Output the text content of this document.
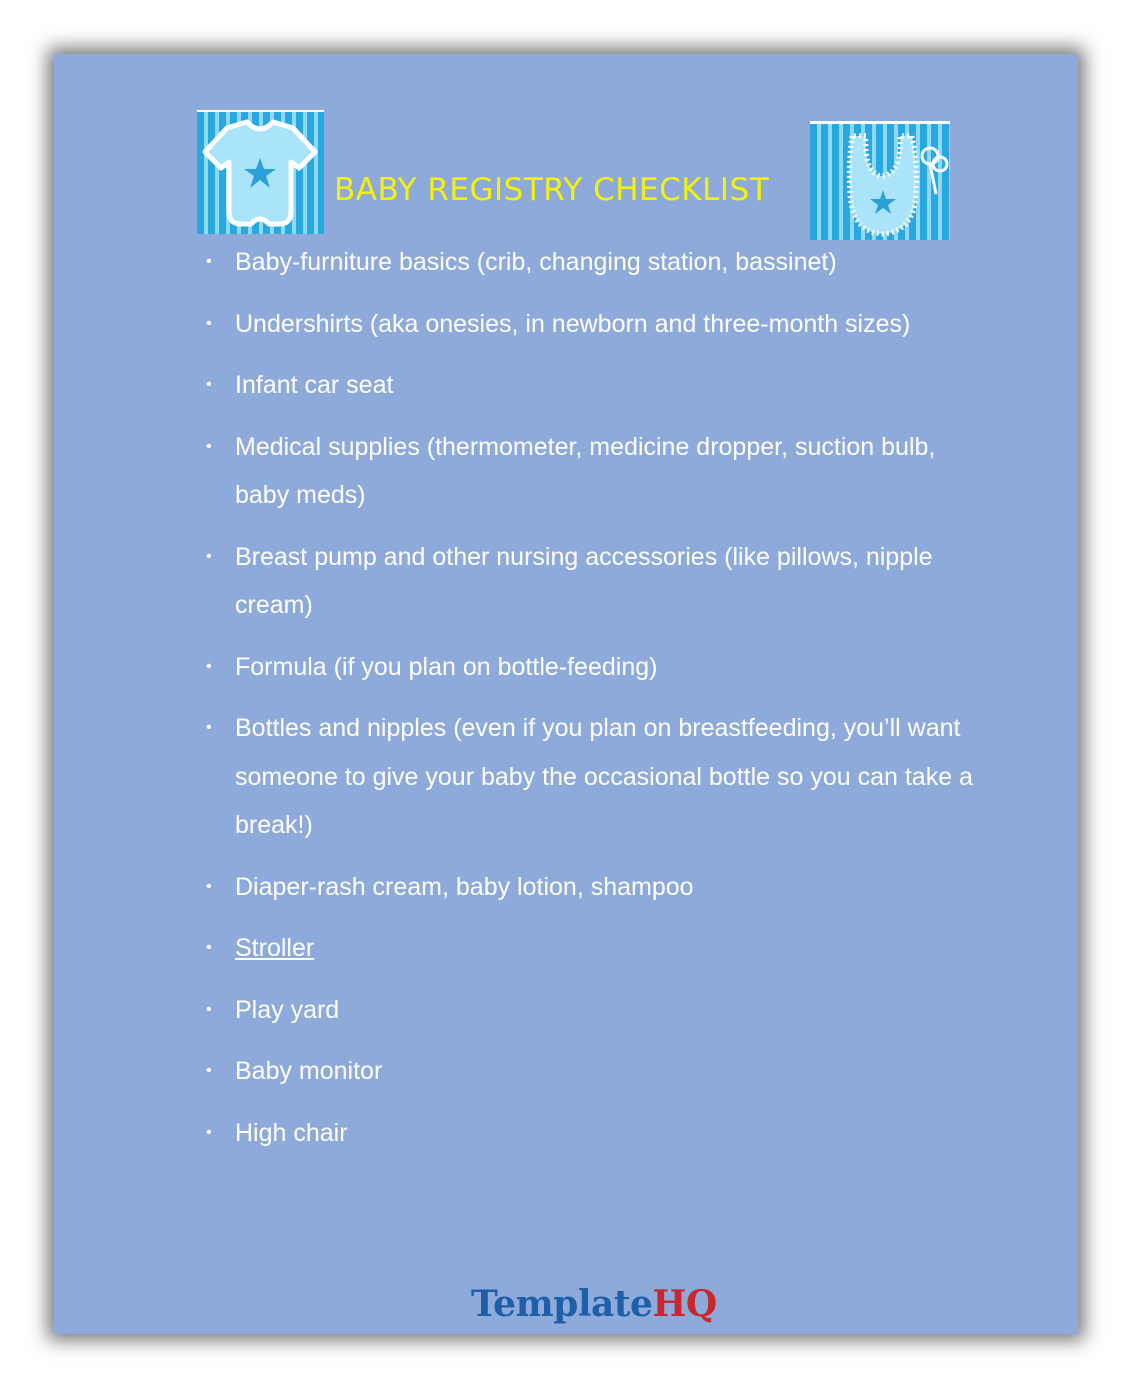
BABY REGISTRY CHECKLIST
• Baby-furniture basics (crib, changing station, bassinet)
• Undershirts (aka onesies, in newborn and three-month sizes)
• Infant car seat
• Medical supplies (thermometer, medicine dropper, suction bulb, baby meds)
• Breast pump and other nursing accessories (like pillows, nipple cream)
• Formula (if you plan on bottle-feeding)
• Bottles and nipples (even if you plan on breastfeeding, you’ll want someone to give your baby the occasional bottle so you can take a break!)
• Diaper-rash cream, baby lotion, shampoo
• Stroller
• Play yard
• Baby monitor
• High chair
TemplateHQ
